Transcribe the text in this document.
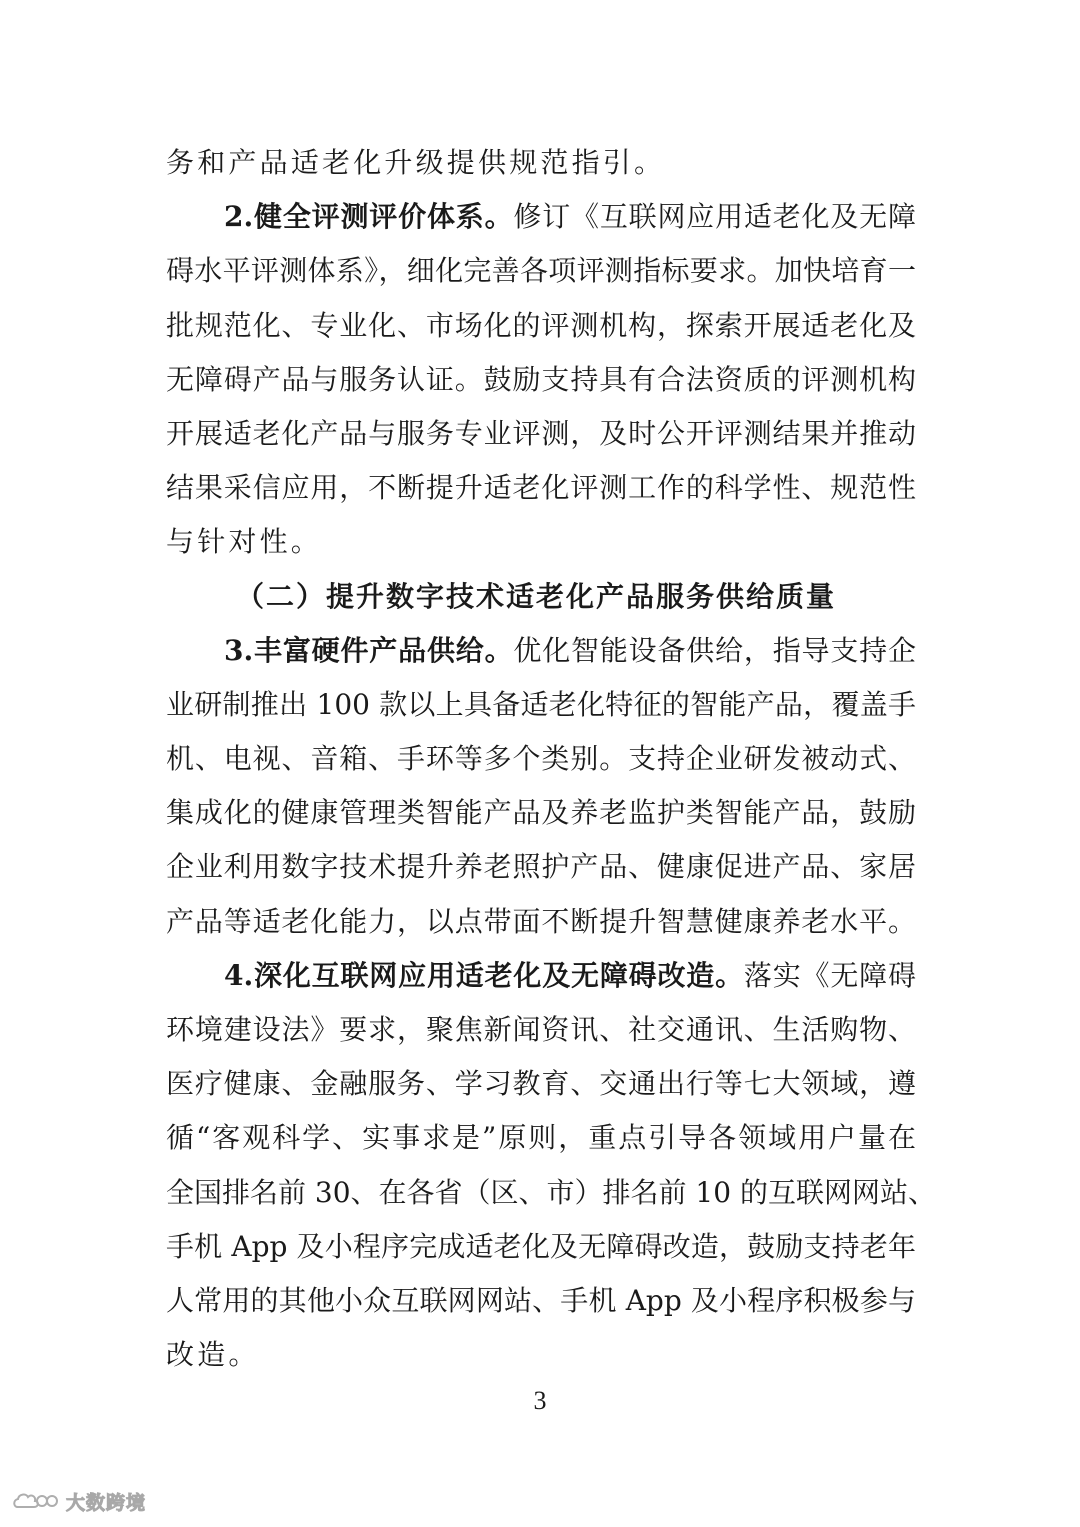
务和产品适老化升级提供规范指引。
2.健全评测评价体系。修订《互联网应用适老化及无障
碍水平评测体系》，细化完善各项评测指标要求。加快培育一
批规范化、专业化、市场化的评测机构，探索开展适老化及
无障碍产品与服务认证。鼓励支持具有合法资质的评测机构
开展适老化产品与服务专业评测，及时公开评测结果并推动
结果采信应用，不断提升适老化评测工作的科学性、规范性
与针对性。
（二）提升数字技术适老化产品服务供给质量
3.丰富硬件产品供给。优化智能设备供给，指导支持企
业研制推出 100 款以上具备适老化特征的智能产品，覆盖手
机、电视、音箱、手环等多个类别。支持企业研发被动式、
集成化的健康管理类智能产品及养老监护类智能产品，鼓励
企业利用数字技术提升养老照护产品、健康促进产品、家居
产品等适老化能力，以点带面不断提升智慧健康养老水平。
4.深化互联网应用适老化及无障碍改造。落实《无障碍
环境建设法》要求，聚焦新闻资讯、社交通讯、生活购物、
医疗健康、金融服务、学习教育、交通出行等七大领域，遵
循“客观科学、实事求是”原则，重点引导各领域用户量在
全国排名前 30、在各省（区、市）排名前 10 的互联网网站、
手机 App 及小程序完成适老化及无障碍改造，鼓励支持老年
人常用的其他小众互联网网站、手机 App 及小程序积极参与
改造。
3
大数跨境
